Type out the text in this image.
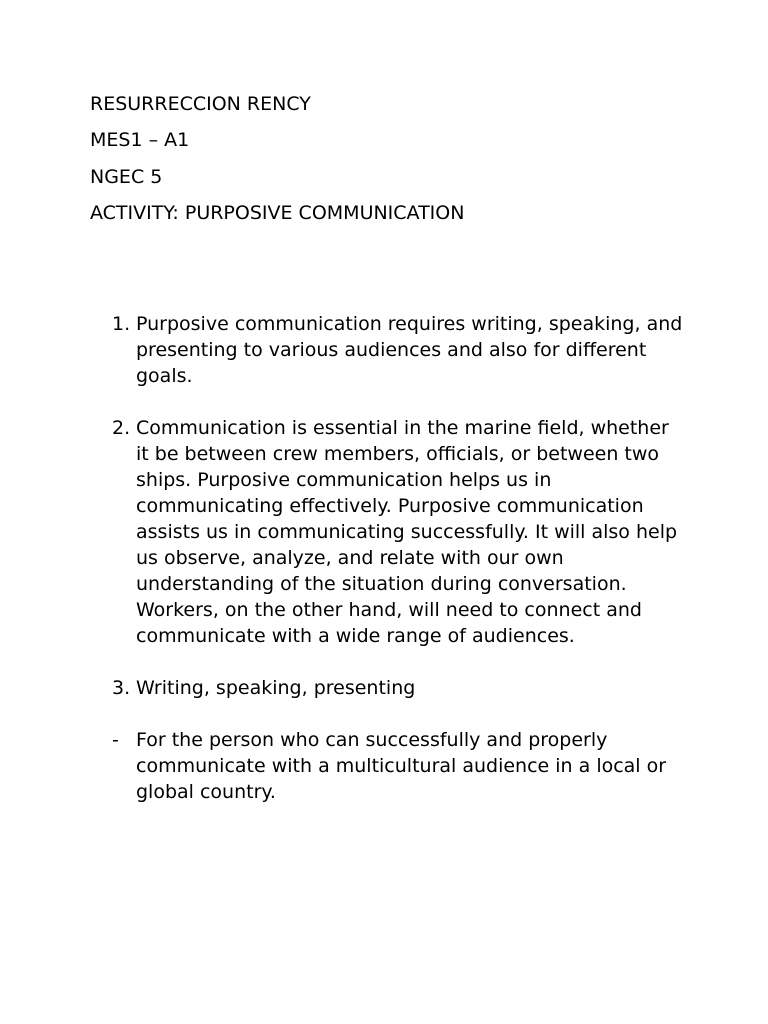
RESURRECCION RENCY
MES1 – A1
NGEC 5
ACTIVITY: PURPOSIVE COMMUNICATION
1. Purposive communication requires writing, speaking, and presenting to various audiences and also for different goals.
2. Communication is essential in the marine field, whether it be between crew members, officials, or between two ships. Purposive communication helps us in communicating effectively. Purposive communication assists us in communicating successfully. It will also help us observe, analyze, and relate with our own understanding of the situation during conversation. Workers, on the other hand, will need to connect and communicate with a wide range of audiences.
3. Writing, speaking, presenting
- For the person who can successfully and properly communicate with a multicultural audience in a local or global country.
